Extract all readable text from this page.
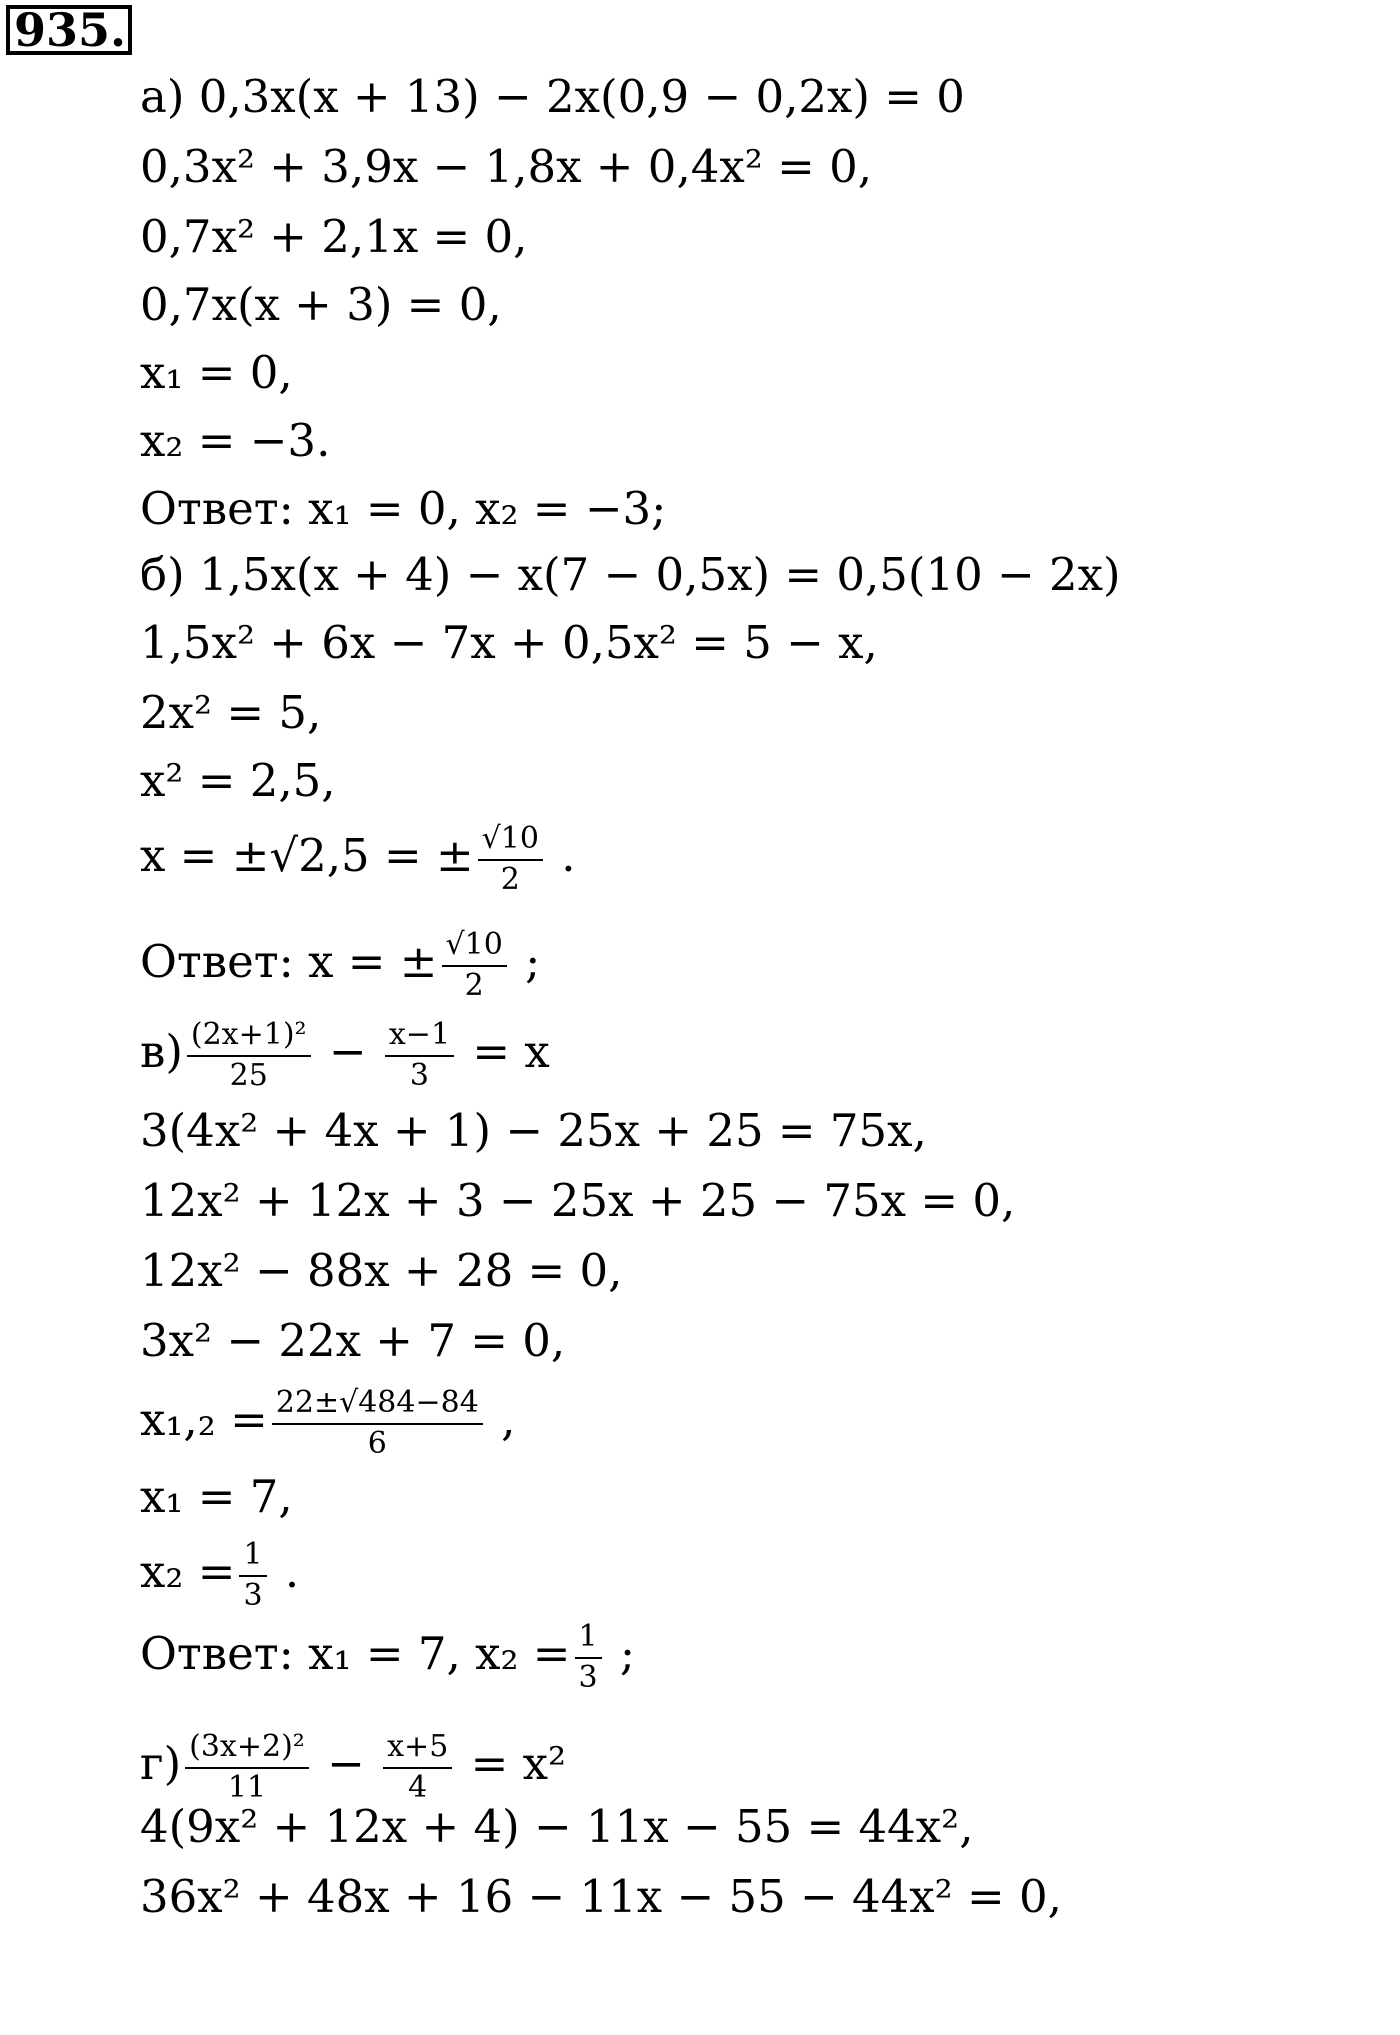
935.
а) 0,3x(x + 13) − 2x(0,9 − 0,2x) = 0
0,3x² + 3,9x − 1,8x + 0,4x² = 0,
0,7x² + 2,1x = 0,
0,7x(x + 3) = 0,
x₁ = 0,
x₂ = −3.
Ответ: x₁ = 0, x₂ = −3;
б) 1,5x(x + 4) − x(7 − 0,5x) = 0,5(10 − 2x)
1,5x² + 6x − 7x + 0,5x² = 5 − x,
2x² = 5,
x² = 2,5,
x = ±√2,5 = ± $\frac{√10}{2}$ .
Ответ: x = ± $\frac{√10}{2}$ ;
$в) \frac{\text{(2x+1)²}}{25} - \frac{x-1}{3} = x$
3(4x² + 4x + 1) − 25x + 25 = 75x,
12x² + 12x + 3 − 25x + 25 − 75x = 0,
12x² − 88x + 28 = 0,
3x² − 22x + 7 = 0,
$x_1,_2 = \frac{22\pm√484-84}{6}$ ,
x₁ = 7,
$x_2 = \frac{1}{3}$ .
Ответ: x₁ = 7, $x_2 = \frac{1}{3}$ ;
$г) \frac{\text{(3x+2)²}}{11} - \frac{x+5}{4} = x^2$
4(9x² + 12x + 4) − 11x − 55 = 44x²,
36x² + 48x + 16 − 11x − 55 − 44x² = 0,
